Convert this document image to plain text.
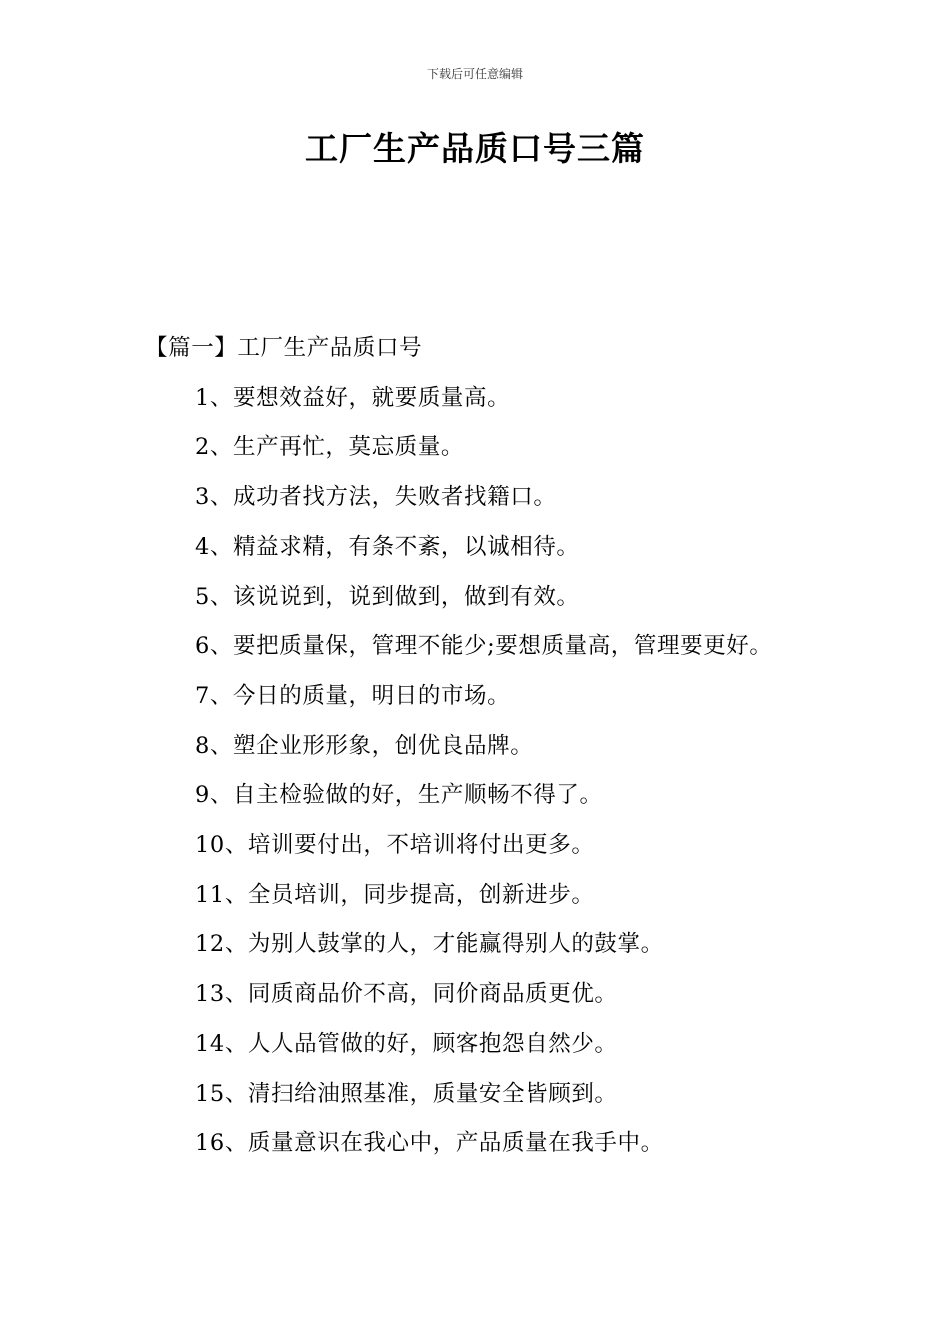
下载后可任意编辑
工厂生产品质口号三篇
【篇一】工厂生产品质口号
1、要想效益好，就要质量高。
2、生产再忙，莫忘质量。
3、成功者找方法，失败者找籍口。
4、精益求精，有条不紊，以诚相待。
5、该说说到，说到做到，做到有效。
6、要把质量保，管理不能少;要想质量高，管理要更好。
7、今日的质量，明日的市场。
8、塑企业形形象，创优良品牌。
9、自主检验做的好，生产顺畅不得了。
10、培训要付出，不培训将付出更多。
11、全员培训，同步提高，创新进步。
12、为别人鼓掌的人，才能赢得别人的鼓掌。
13、同质商品价不高，同价商品质更优。
14、人人品管做的好，顾客抱怨自然少。
15、清扫给油照基准，质量安全皆顾到。
16、质量意识在我心中，产品质量在我手中。
